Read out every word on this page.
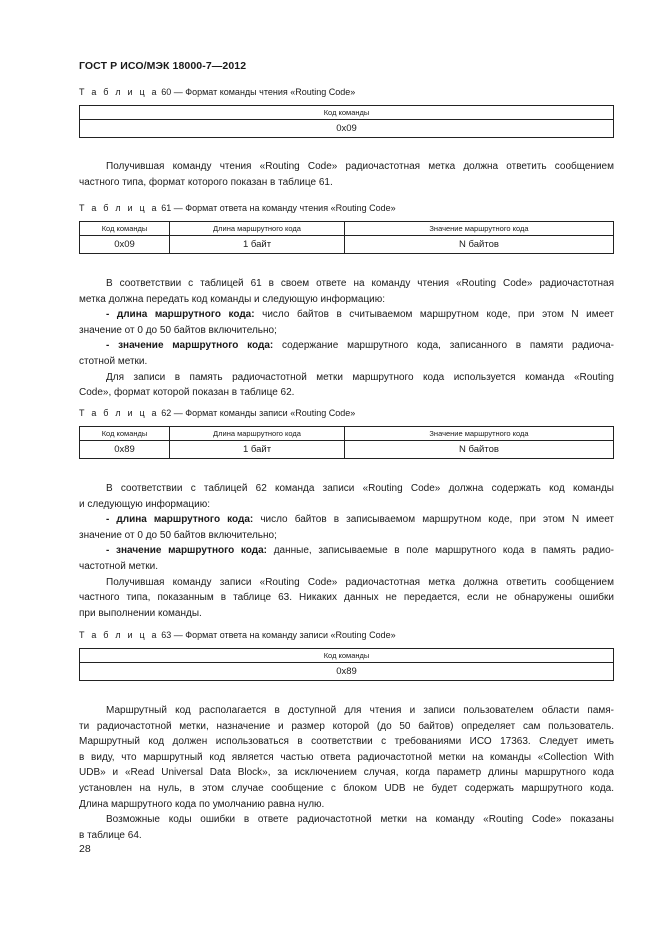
ГОСТ Р ИСО/МЭК 18000-7—2012
Т а б л и ц а 60 — Формат команды чтения «Routing Code»
Код команды
0x09
Получившая команду чтения «Routing Code» радиочастотная метка должна ответить сообщением
частного типа, формат которого показан в таблице 61.
Т а б л и ц а 61 — Формат ответа на команду чтения «Routing Code»
Код команды	Длина маршрутного кода	Значение маршрутного кода
0x09	1 байт	N байтов
В соответствии с таблицей 61 в своем ответе на команду чтения «Routing Code» радиочастотная
метка должна передать код команды и следующую информацию:
- длина маршрутного кода: число байтов в считываемом маршрутном коде, при этом N имеет
значение от 0 до 50 байтов включительно;
- значение маршрутного кода: содержание маршрутного кода, записанного в памяти радиоча-
стотной метки.
Для записи в память радиочастотной метки маршрутного кода используется команда «Routing
Code», формат которой показан в таблице 62.
Т а б л и ц а 62 — Формат команды записи «Routing Code»
Код команды	Длина маршрутного кода	Значение маршрутного кода
0x89	1 байт	N байтов
В соответствии с таблицей 62 команда записи «Routing Code» должна содержать код команды
и следующую информацию:
- длина маршрутного кода: число байтов в записываемом маршрутном коде, при этом N имеет
значение от 0 до 50 байтов включительно;
- значение маршрутного кода: данные, записываемые в поле маршрутного кода в память радио-
частотной метки.
Получившая команду записи «Routing Code» радиочастотная метка должна ответить сообщением
частного типа, показанным в таблице 63. Никаких данных не передается, если не обнаружены ошибки
при выполнении команды.
Т а б л и ц а 63 — Формат ответа на команду записи «Routing Code»
Код команды
0x89
Маршрутный код располагается в доступной для чтения и записи пользователем области памя-
ти радиочастотной метки, назначение и размер которой (до 50 байтов) определяет сам пользователь.
Маршрутный код должен использоваться в соответствии с требованиями ИСО 17363. Следует иметь
в виду, что маршрутный код является частью ответа радиочастотной метки на команды «Collection With
UDB» и «Read Universal Data Block», за исключением случая, когда параметр длины маршрутного кода
установлен на нуль, в этом случае сообщение с блоком UDB не будет содержать маршрутного кода.
Длина маршрутного кода по умолчанию равна нулю.
Возможные коды ошибки в ответе радиочастотной метки на команду «Routing Code» показаны
в таблице 64.
28
